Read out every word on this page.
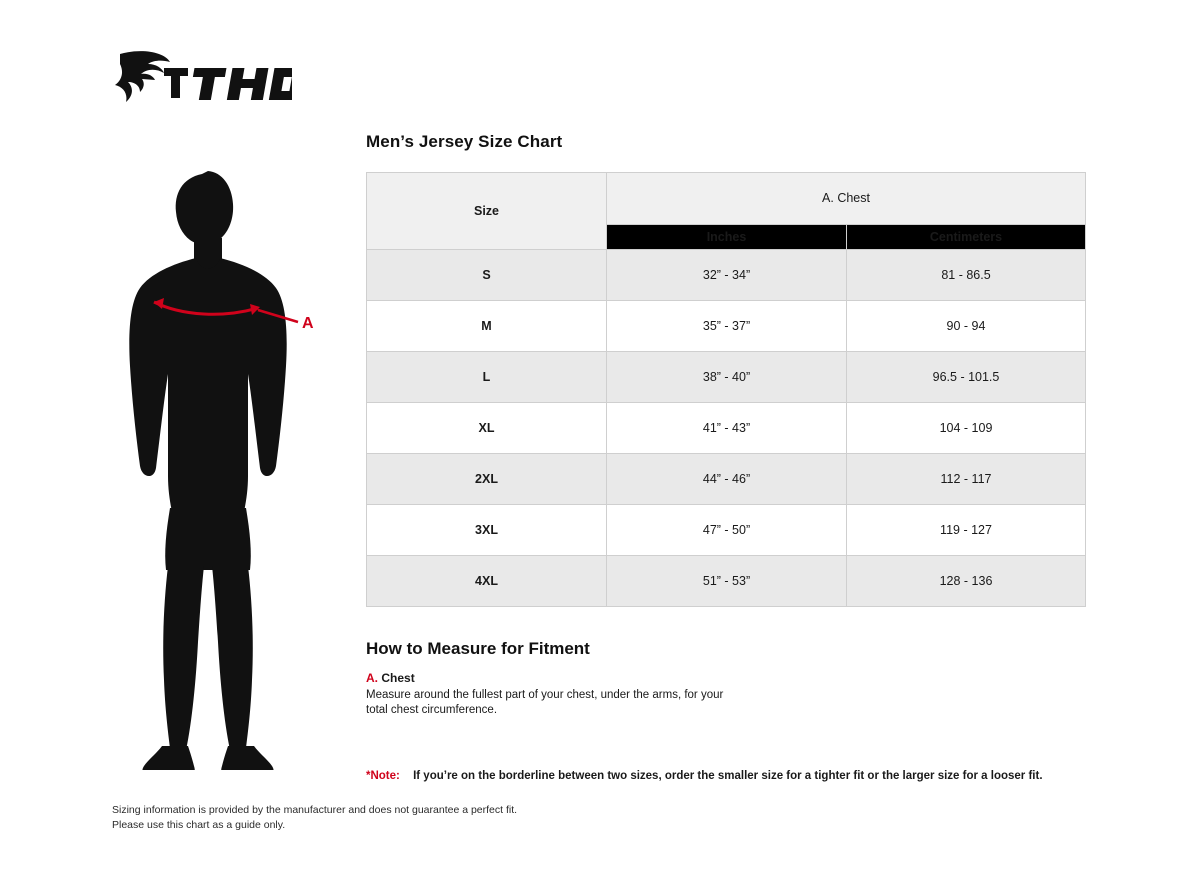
A
Men’s Jersey Size Chart
Size	A. Chest	
	Inches	Centimeters
S	32” - 34”	81 - 86.5
M	35” - 37”	90 - 94
L	38” - 40”	96.5 - 101.5
XL	41” - 43”	104 - 109
2XL	44” - 46”	112 - 117
3XL	47” - 50”	119 - 127
4XL	51” - 53”	128 - 136
How to Measure for Fitment
A. Chest
Measure around the fullest part of your chest, under the arms, for your
total chest circumference.
*Note: If you’re on the borderline between two sizes, order the smaller size for a tighter fit or the larger size for a looser fit.
Sizing information is provided by the manufacturer and does not guarantee a perfect fit.
Please use this chart as a guide only.
